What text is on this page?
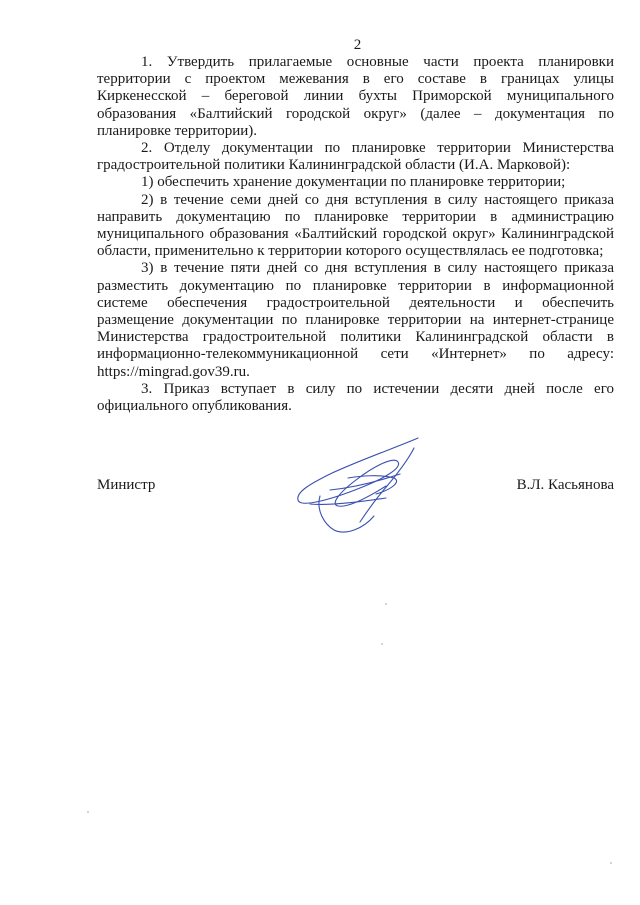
2

1. Утвердить прилагаемые основные части проекта планировки территории с проектом межевания в его составе в границах улицы Киркенесской – береговой линии бухты Приморской муниципального образования «Балтийский городской округ» (далее – документация по планировке территории).

2. Отделу документации по планировке территории Министерства градостроительной политики Калининградской области (И.А. Марковой):

1) обеспечить хранение документации по планировке территории;

2) в течение семи дней со дня вступления в силу настоящего приказа направить документацию по планировке территории в администрацию муниципального образования «Балтийский городской округ» Калининградской области, применительно к территории которого осуществлялась ее подготовка;

3) в течение пяти дней со дня вступления в силу настоящего приказа разместить документацию по планировке территории в информационной системе обеспечения градостроительной деятельности и обеспечить размещение документации по планировке территории на интернет-странице Министерства градостроительной политики Калининградской области в информационно-телекоммуникационной сети «Интернет» по адресу: https://mingrad.gov39.ru.

3. Приказ вступает в силу по истечении десяти дней после его официального опубликования.

Министр	В.Л. Касьянова
